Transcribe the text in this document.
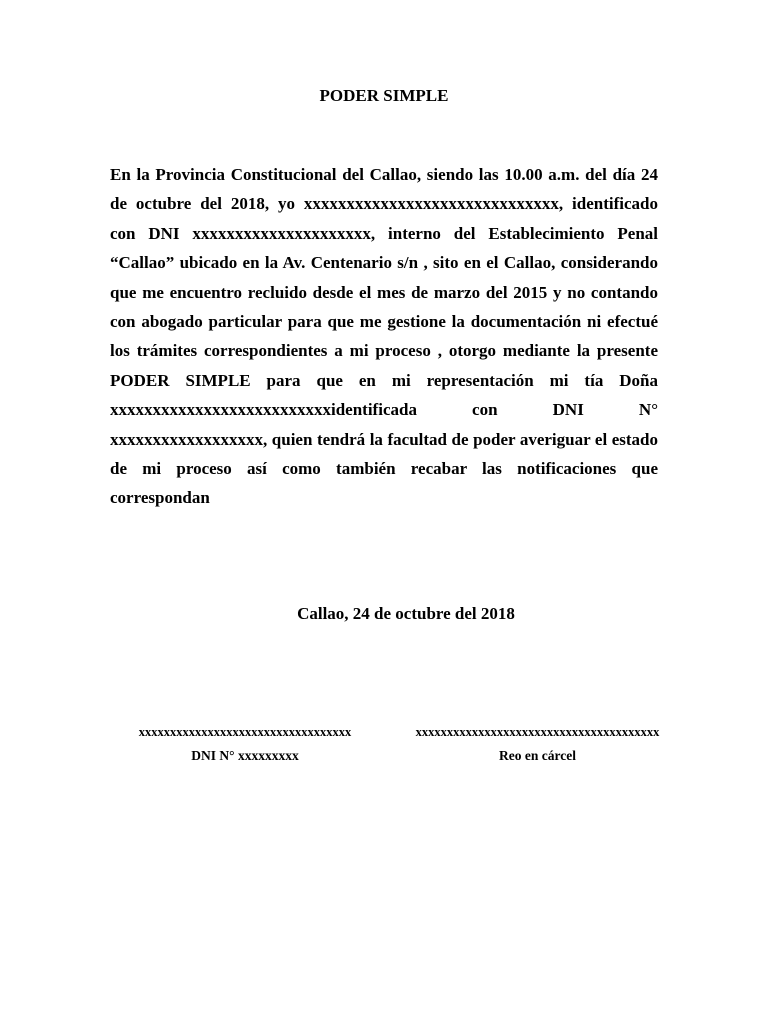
PODER SIMPLE

En la Provincia Constitucional del Callao, siendo las 10.00 a.m. del día 24 de octubre del 2018, yo xxxxxxxxxxxxxxxxxxxxxxxxxxxxxx, identificado con DNI xxxxxxxxxxxxxxxxxxxxx, interno del Establecimiento Penal “Callao” ubicado en la Av. Centenario s/n , sito en el Callao, considerando que me encuentro recluido desde el mes de marzo del 2015 y no contando con abogado particular para que me gestione la documentación ni efectué los trámites correspondientes a mi proceso , otorgo mediante la presente PODER SIMPLE para que en mi representación mi tía Doña xxxxxxxxxxxxxxxxxxxxxxxxxxidentificada con DNI N° xxxxxxxxxxxxxxxxxx, quien tendrá la facultad de poder averiguar el estado de mi proceso así como también recabar las notificaciones que correspondan

Callao, 24 de octubre del 2018
xxxxxxxxxxxxxxxxxxxxxxxxxxxxxxxxxx
DNI N° xxxxxxxxx
xxxxxxxxxxxxxxxxxxxxxxxxxxxxxxxxxxxxxxx
Reo en cárcel
